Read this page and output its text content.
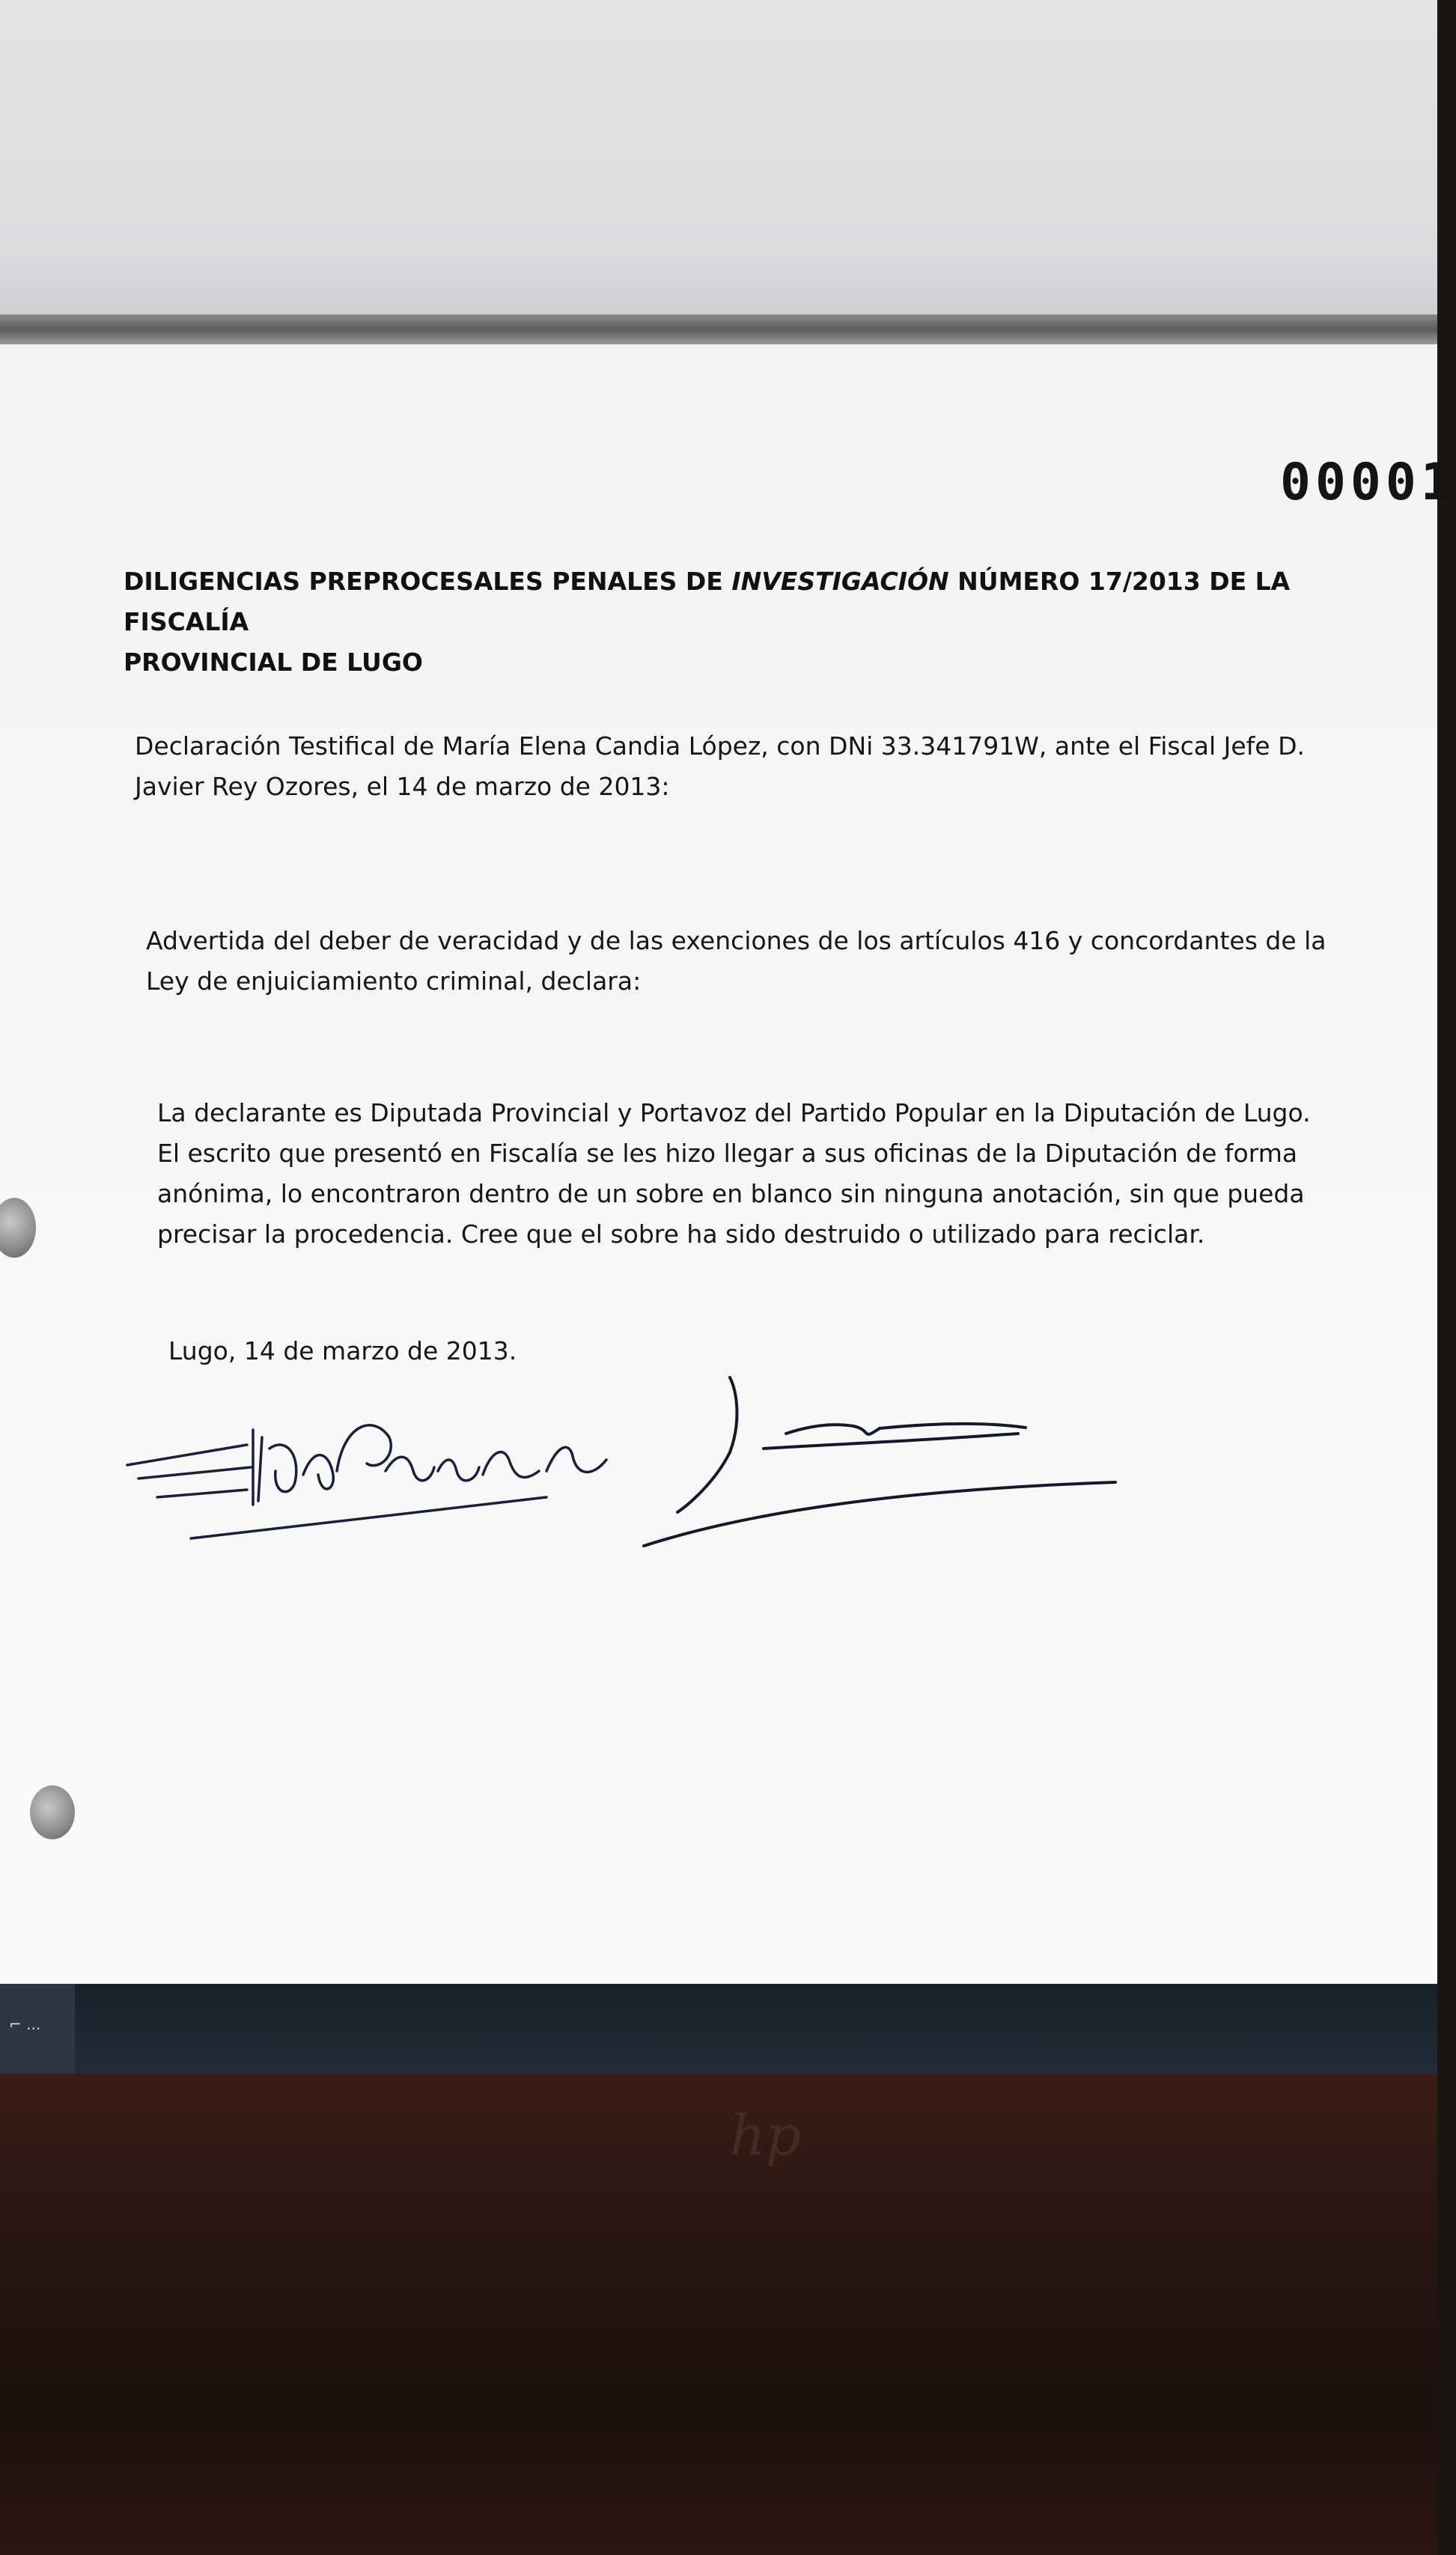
00001
DILIGENCIAS PREPROCESALES PENALES DE INVESTIGACIÓN NÚMERO 17/2013 DE LA FISCALÍA
PROVINCIAL DE LUGO
Declaración Testifical de María Elena Candia López, con DNi 33.341791W, ante el Fiscal Jefe D.
Javier Rey Ozores, el 14 de marzo de 2013:
Advertida del deber de veracidad y de las exenciones de los artículos 416 y concordantes de la
Ley de enjuiciamiento criminal, declara:
La declarante es Diputada Provincial y Portavoz del Partido Popular en la Diputación de Lugo.
El escrito que presentó en Fiscalía se les hizo llegar a sus oficinas de la Diputación de forma
anónima, lo encontraron dentro de un sobre en blanco sin ninguna anotación, sin que pueda
precisar la procedencia. Cree que el sobre ha sido destruido o utilizado para reciclar.
Lugo, 14 de marzo de 2013.
⌐ ...
hp
